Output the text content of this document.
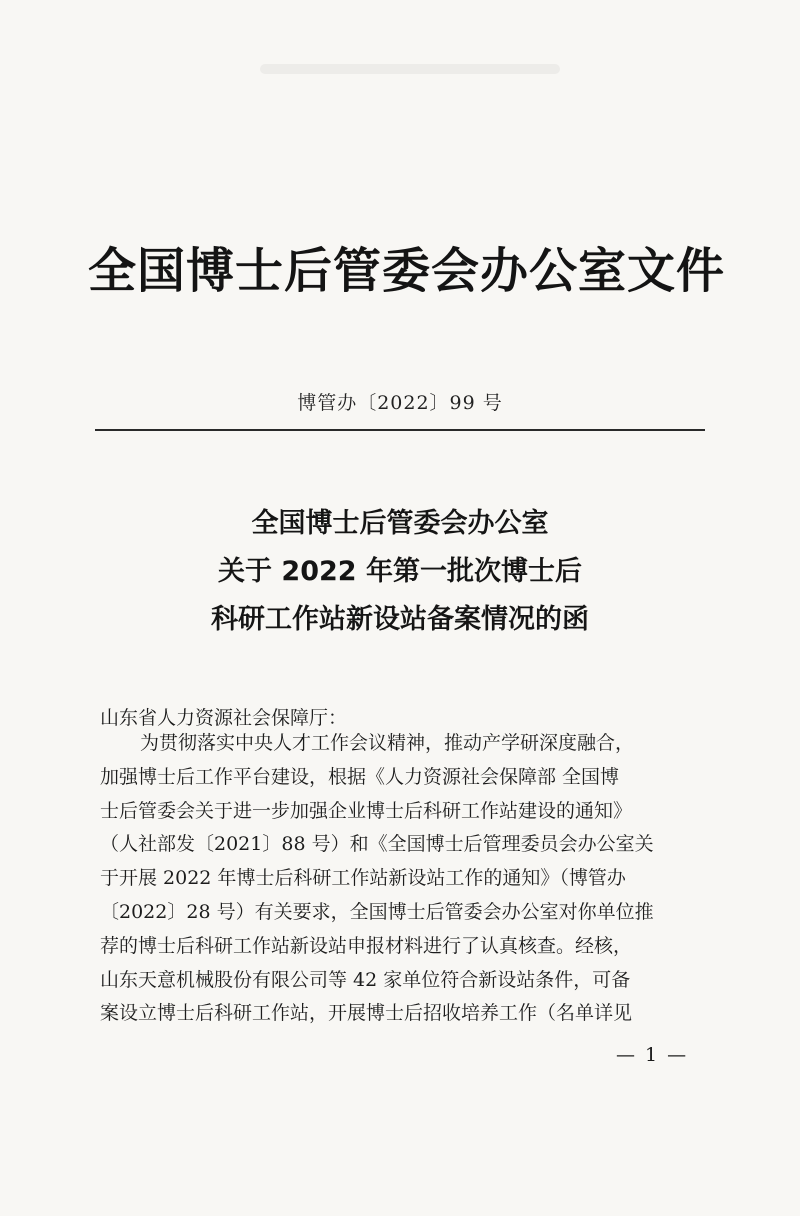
全国博士后管委会办公室文件
博管办〔2022〕99 号
全国博士后管委会办公室
关于 2022 年第一批次博士后
科研工作站新设站备案情况的函
山东省人力资源社会保障厅：
为贯彻落实中央人才工作会议精神，推动产学研深度融合，
加强博士后工作平台建设，根据《人力资源社会保障部 全国博
士后管委会关于进一步加强企业博士后科研工作站建设的通知》
（人社部发〔2021〕88 号）和《全国博士后管理委员会办公室关
于开展 2022 年博士后科研工作站新设站工作的通知》（博管办
〔2022〕28 号）有关要求，全国博士后管委会办公室对你单位推
荐的博士后科研工作站新设站申报材料进行了认真核查。经核，
山东天意机械股份有限公司等 42 家单位符合新设站条件，可备
案设立博士后科研工作站，开展博士后招收培养工作（名单详见
— 1 —
